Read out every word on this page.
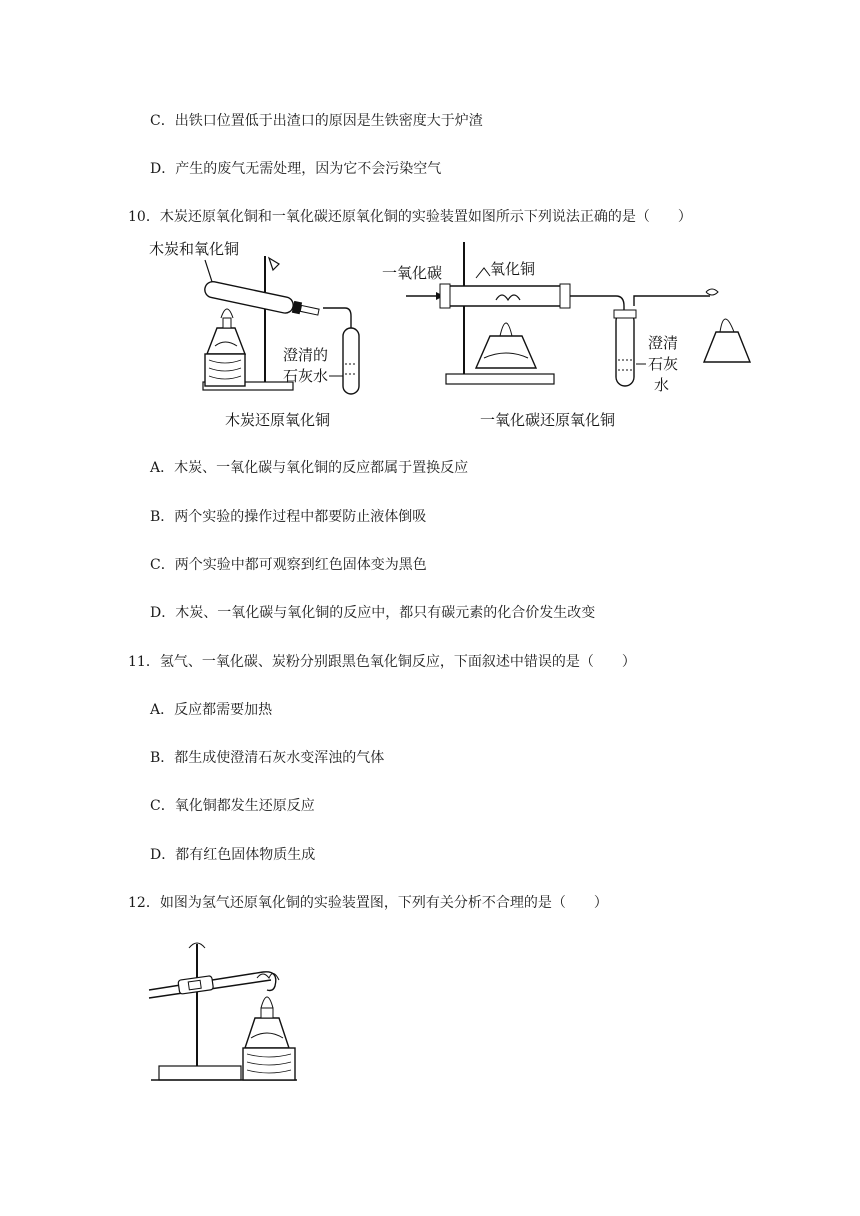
C．出铁口位置低于出渣口的原因是生铁密度大于炉渣
D．产生的废气无需处理，因为它不会污染空气
10．木炭还原氧化铜和一氧化碳还原氧化铜的实验装置如图所示下列说法正确的是（　　）
木炭和氧化铜
澄清的
石灰水
木炭还原氧化铜
一氧化碳	氧化铜
澄清
石灰
水
一氧化碳还原氧化铜
A．木炭、一氧化碳与氧化铜的反应都属于置换反应
B．两个实验的操作过程中都要防止液体倒吸
C．两个实验中都可观察到红色固体变为黑色
D．木炭、一氧化碳与氧化铜的反应中，都只有碳元素的化合价发生改变
11．氢气、一氧化碳、炭粉分别跟黑色氧化铜反应，下面叙述中错误的是（　　）
A．反应都需要加热
B．都生成使澄清石灰水变浑浊的气体
C．氧化铜都发生还原反应
D．都有红色固体物质生成
12．如图为氢气还原氧化铜的实验装置图，下列有关分析不合理的是（　　）
